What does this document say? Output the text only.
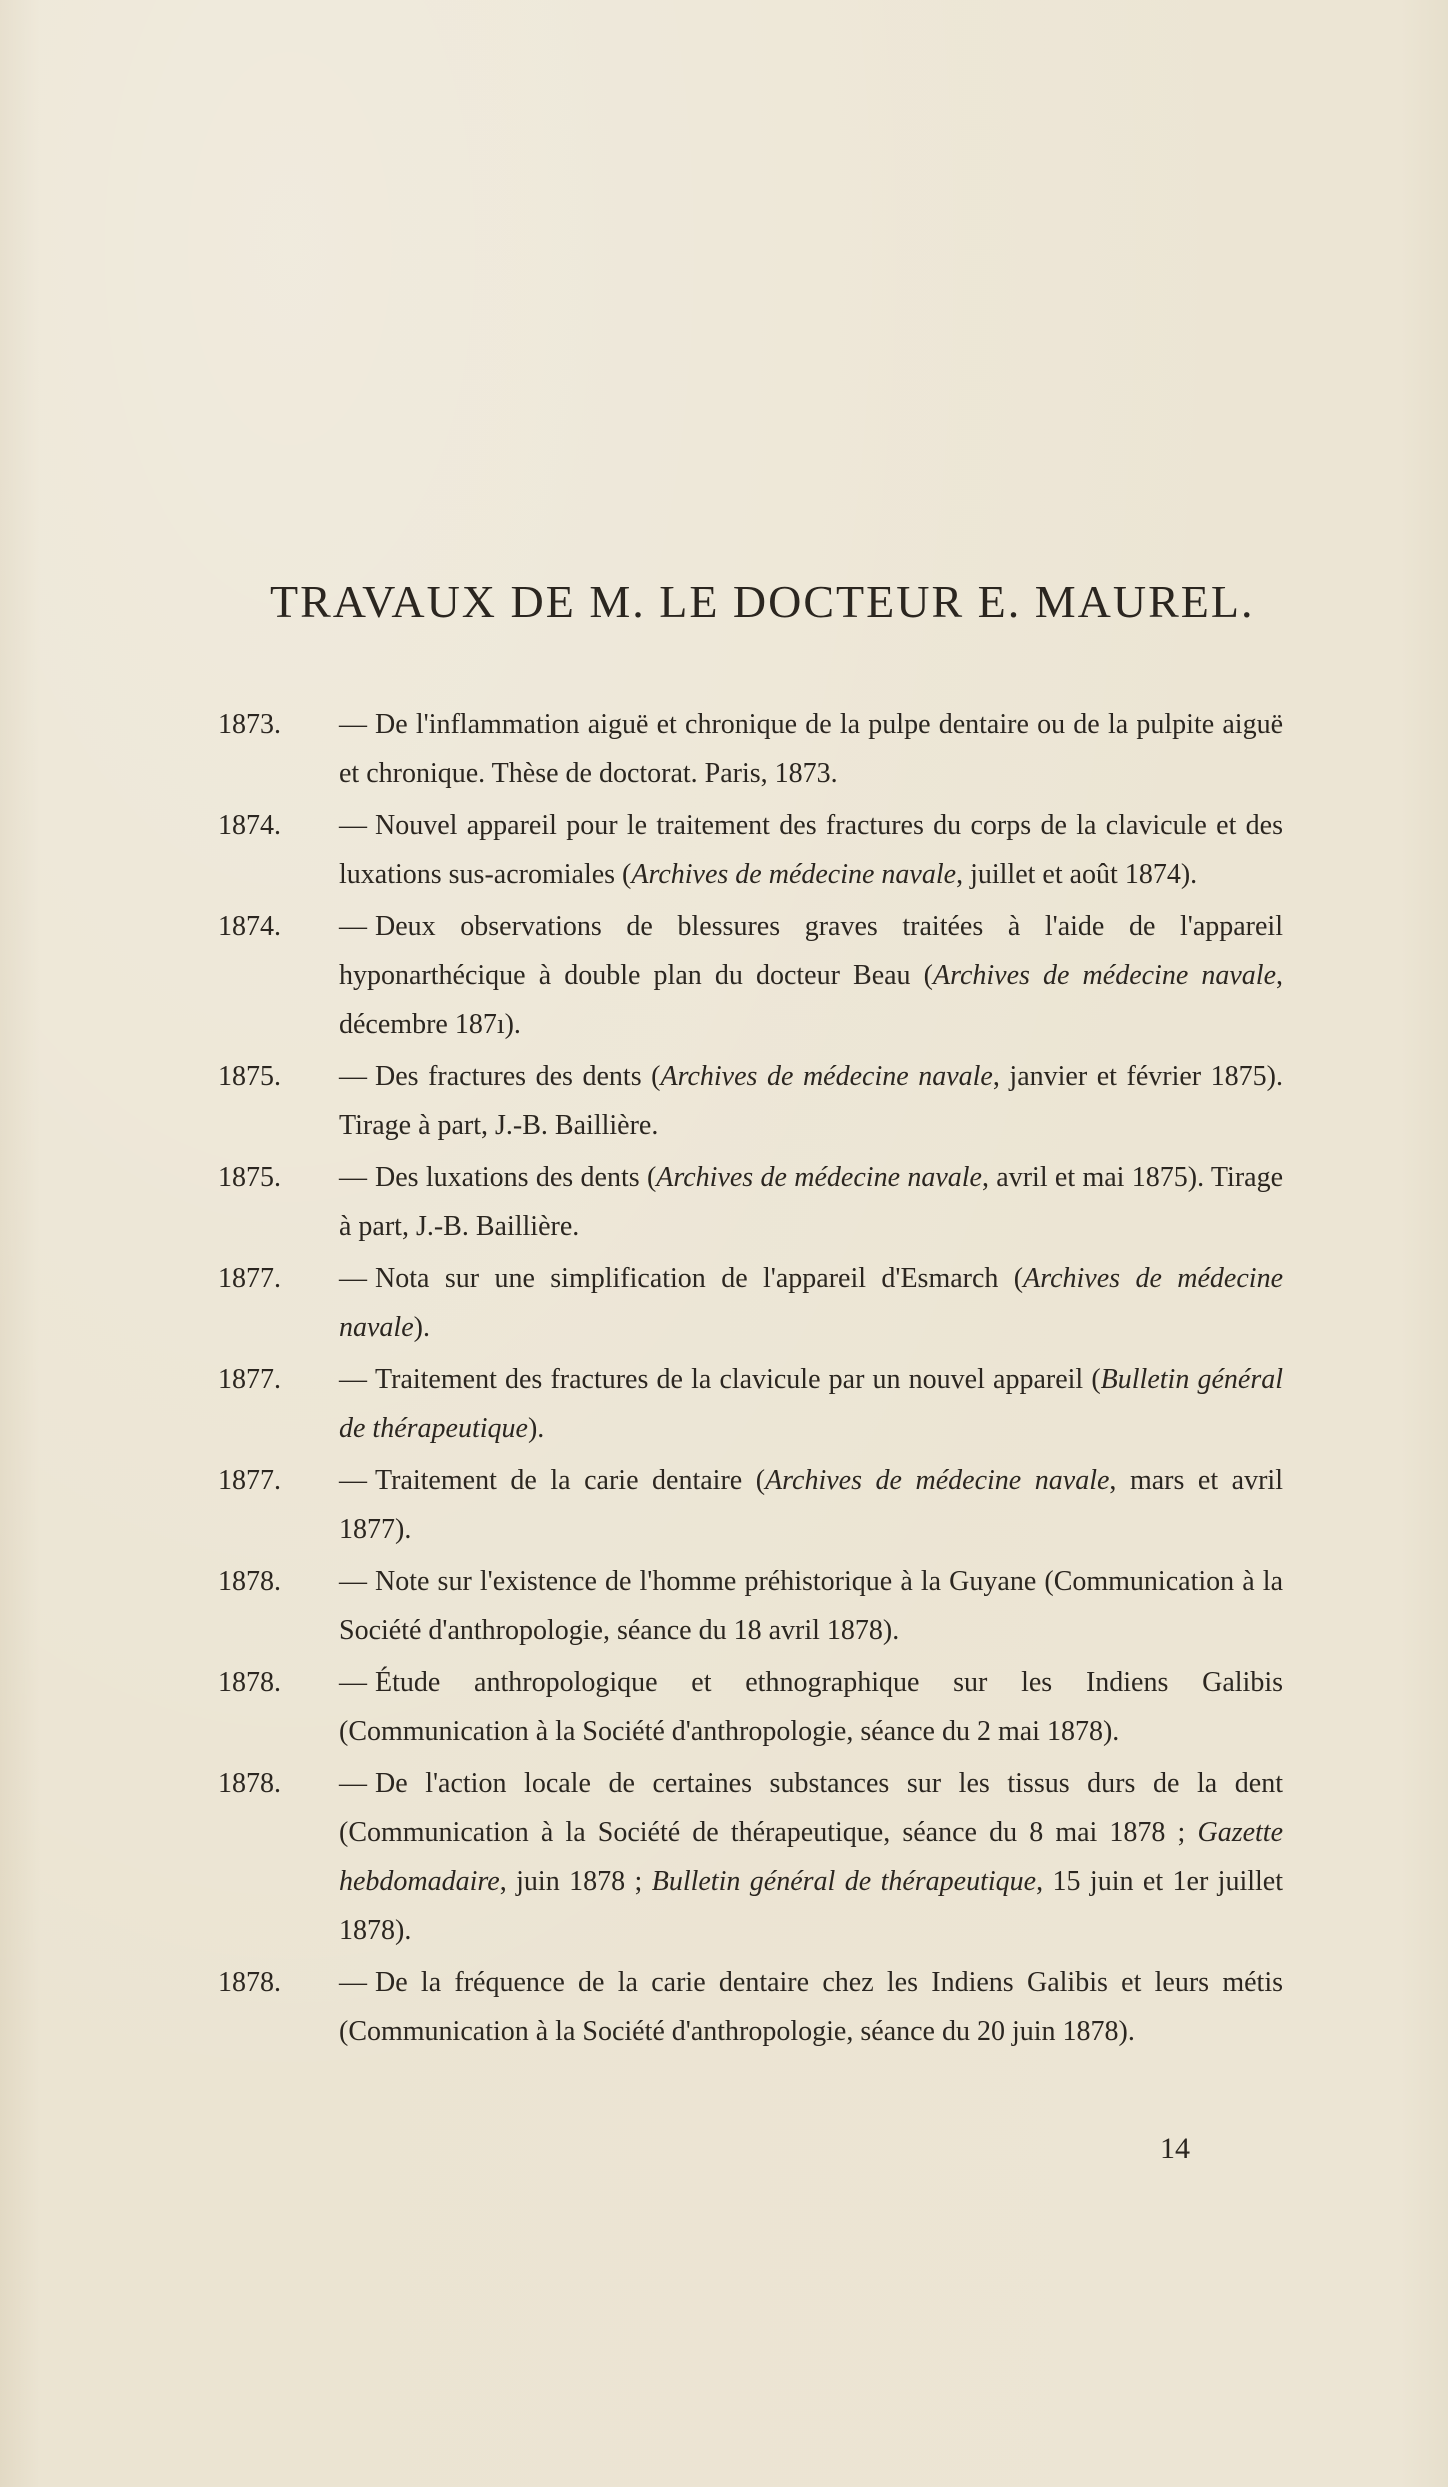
TRAVAUX DE M. LE DOCTEUR E. MAUREL.
1873. — De l'inflammation aiguë et chronique de la pulpe dentaire ou de la pulpite aiguë et chronique. Thèse de doctorat. Paris, 1873.
1874. — Nouvel appareil pour le traitement des fractures du corps de la clavicule et des luxations sus-acromiales (Archives de médecine navale, juillet et août 1874).
1874. — Deux observations de blessures graves traitées à l'aide de l'appareil hyponarthécique à double plan du docteur Beau (Archives de médecine navale, décembre 187ı).
1875. — Des fractures des dents (Archives de médecine navale, janvier et février 1875). Tirage à part, J.-B. Baillière.
1875. — Des luxations des dents (Archives de médecine navale, avril et mai 1875). Tirage à part, J.-B. Baillière.
1877. — Nota sur une simplification de l'appareil d'Esmarch (Archives de médecine navale).
1877. — Traitement des fractures de la clavicule par un nouvel appareil (Bulletin général de thérapeutique).
1877. — Traitement de la carie dentaire (Archives de médecine navale, mars et avril 1877).
1878. — Note sur l'existence de l'homme préhistorique à la Guyane (Communication à la Société d'anthropologie, séance du 18 avril 1878).
1878. — Étude anthropologique et ethnographique sur les Indiens Galibis (Communication à la Société d'anthropologie, séance du 2 mai 1878).
1878. — De l'action locale de certaines substances sur les tissus durs de la dent (Communication à la Société de thérapeutique, séance du 8 mai 1878 ; Gazette hebdomadaire, juin 1878 ; Bulletin général de thérapeutique, 15 juin et 1er juillet 1878).
1878. — De la fréquence de la carie dentaire chez les Indiens Galibis et leurs métis (Communication à la Société d'anthropologie, séance du 20 juin 1878).
14
